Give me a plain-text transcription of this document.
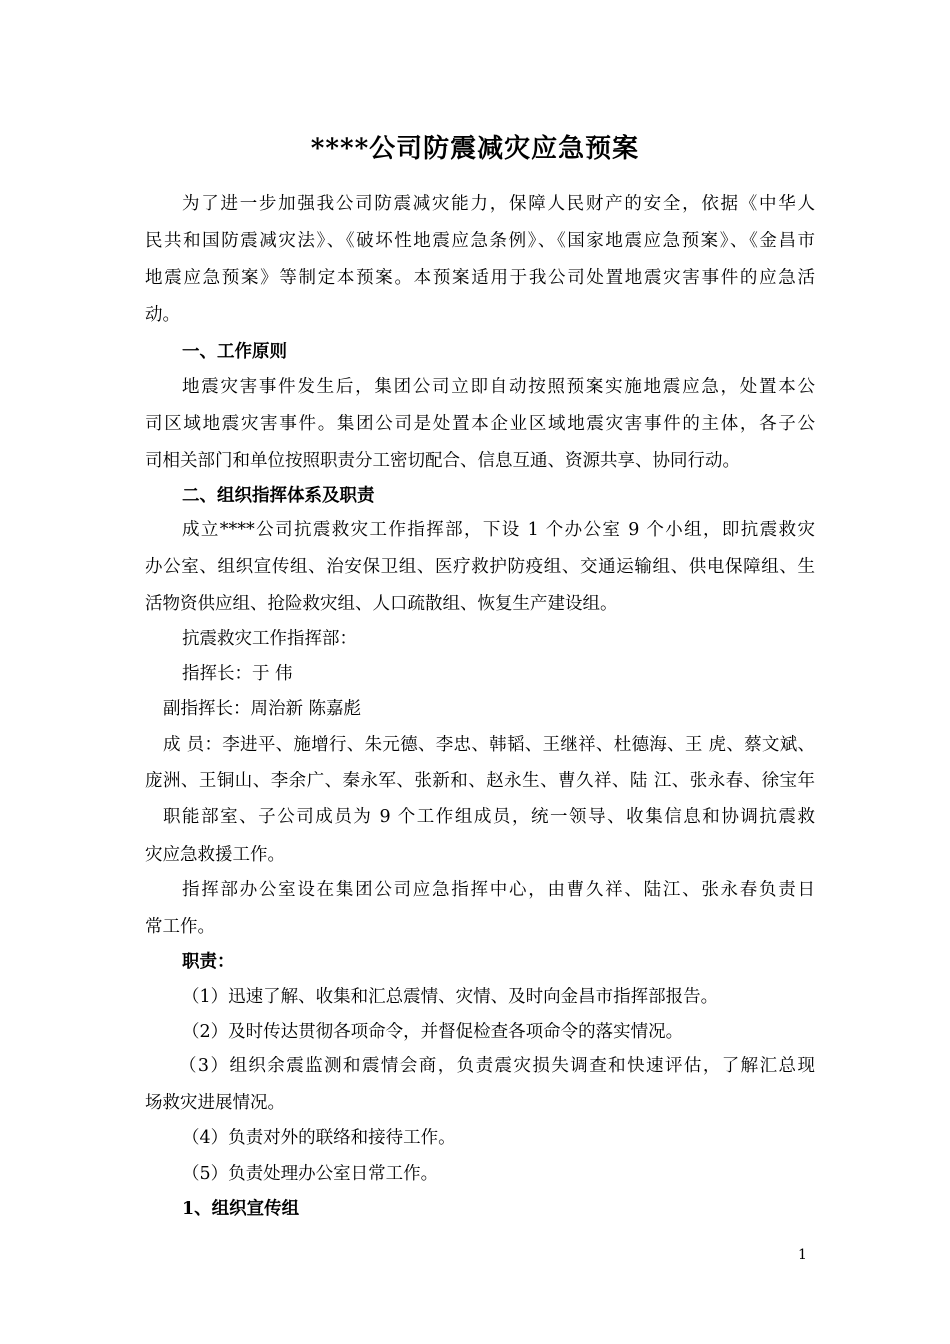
****公司防震减灾应急预案
为了进一步加强我公司防震减灾能力，保障人民财产的安全，依据《中华人
民共和国防震减灾法》、《破坏性地震应急条例》、《国家地震应急预案》、《金昌市
地震应急预案》等制定本预案。本预案适用于我公司处置地震灾害事件的应急活
动。
一、工作原则
地震灾害事件发生后，集团公司立即自动按照预案实施地震应急，处置本公
司区域地震灾害事件。集团公司是处置本企业区域地震灾害事件的主体，各子公
司相关部门和单位按照职责分工密切配合、信息互通、资源共享、协同行动。
二、组织指挥体系及职责
成立****公司抗震救灾工作指挥部，下设 1 个办公室 9 个小组，即抗震救灾
办公室、组织宣传组、治安保卫组、医疗救护防疫组、交通运输组、供电保障组、生
活物资供应组、抢险救灾组、人口疏散组、恢复生产建设组。
抗震救灾工作指挥部：
指挥长：于 伟
副指挥长：周治新 陈嘉彪
成 员：李进平、施增行、朱元德、李忠、韩韬、王继祥、杜德海、王 虎、蔡文斌、
庞洲、王铜山、李余广、秦永军、张新和、赵永生、曹久祥、陆 江、张永春、徐宝年
职能部室、子公司成员为 9 个工作组成员，统一领导、收集信息和协调抗震救
灾应急救援工作。
指挥部办公室设在集团公司应急指挥中心，由曹久祥、陆江、张永春负责日
常工作。
职责：
（1）迅速了解、收集和汇总震情、灾情、及时向金昌市指挥部报告。
（2）及时传达贯彻各项命令，并督促检查各项命令的落实情况。
（3）组织余震监测和震情会商，负责震灾损失调查和快速评估，了解汇总现
场救灾进展情况。
（4）负责对外的联络和接待工作。
（5）负责处理办公室日常工作。
1、组织宣传组
1
